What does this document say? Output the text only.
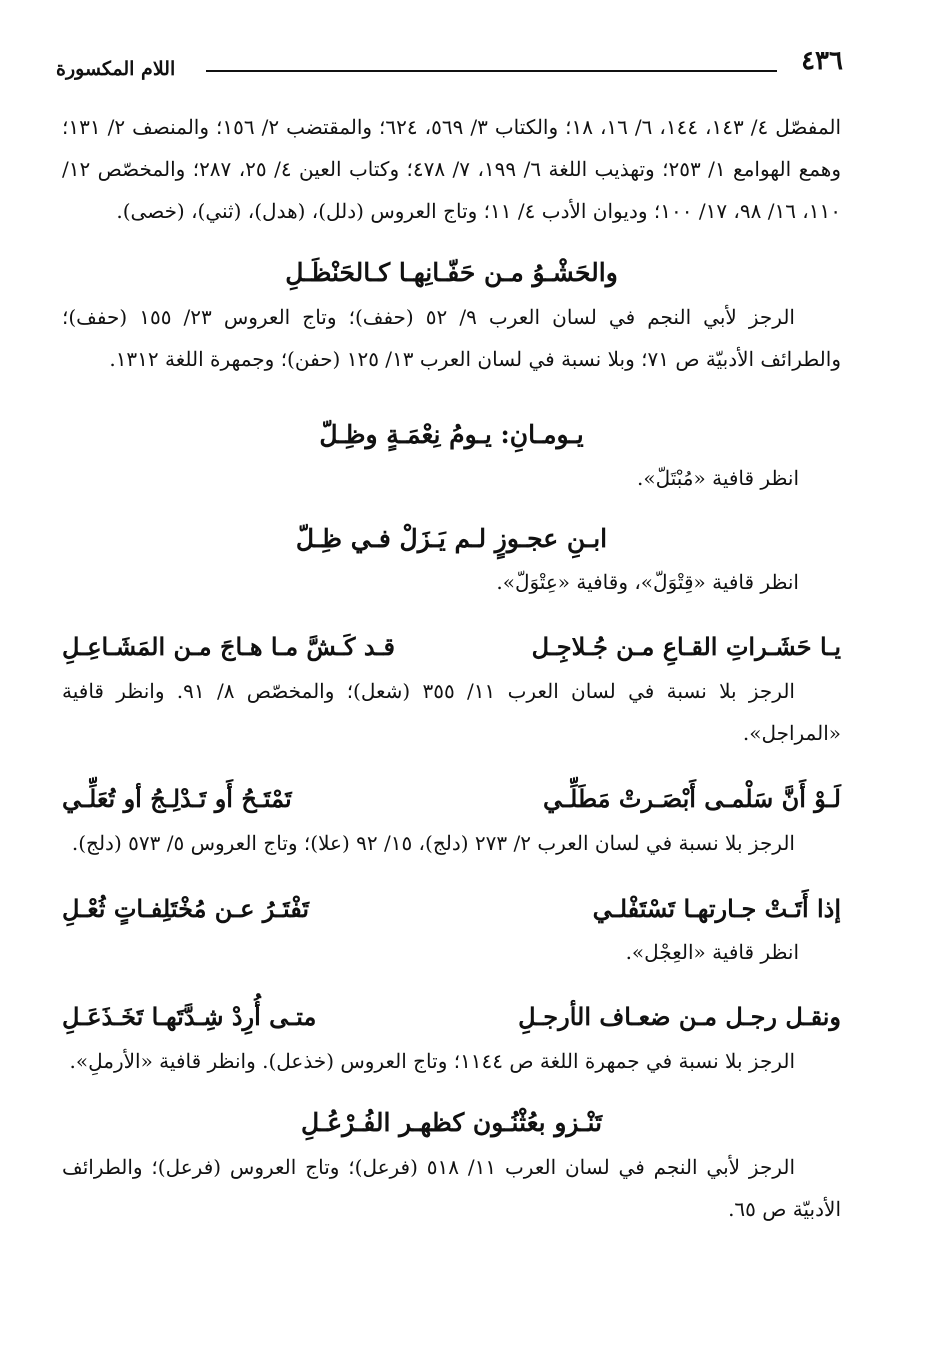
٤٣٦
اللام المكسورة

المفصّل ٤/ ١٤٣، ١٤٤، ٦/ ١٦، ١٨؛ والكتاب ٣/ ٥٦٩، ٦٢٤؛ والمقتضب ٢/ ١٥٦؛ والمنصف ٢/ ١٣١؛ وهمع الهوامع ١/ ٢٥٣؛ وتهذيب اللغة ٦/ ١٩٩، ٧/ ٤٧٨؛ وكتاب العين ٤/ ٢٥، ٢٨٧؛ والمخصّص ١٢/ ١١٠، ١٦/ ٩٨، ١٧/ ١٠٠؛ وديوان الأدب ٤/ ١١؛ وتاج العروس (دلل)، (هدل)، (ثني)، (خصى).

والحَشْـوُ مـن حَفّـانِهـا كـالحَنْظَـلِ

الرجز لأبي النجم في لسان العرب ٩/ ٥٢ (حفف)؛ وتاج العروس ٢٣/ ١٥٥ (حفف)؛ والطرائف الأدبيّة ص ٧١؛ وبلا نسبة في لسان العرب ١٣/ ١٢٥ (حفن)؛ وجمهرة اللغة ١٣١٢.

يـومـانِ: يـومُ نِعْمَـةٍ وظِـلّ

انظر قافية «مُبْتَلّ».

ابـنِ عجـوزٍ لـم يَـزَلْ فـي ظِـلّ

انظر قافية «قِتْوَلّ»، وقافية «عِتْوَلّ».

يـا حَشَـراتِ القـاعِ مـن جُـلاجِـل
قـد كَـشَّ مـا هـاجَ مـن المَشَـاعِـلِ

الرجز بلا نسبة في لسان العرب ١١/ ٣٥٥ (شعل)؛ والمخصّص ٨/ ٩١. وانظر قافية «المراجل».

لَـوْ أَنَّ سَلْمـى أَبْصَـرتْ مَطَلِّـي
تَمْتَـحُ أَو تَـدْلِـجُ أو تُعَلِّـي

الرجز بلا نسبة في لسان العرب ٢/ ٢٧٣ (دلج)، ١٥/ ٩٢ (علا)؛ وتاج العروس ٥/ ٥٧٣ (دلج).

إذا أَتَـتْ جـارتهـا تَسْتَفْلـي
تَفْتَـرُ عـن مُخْتَلِفـاتٍ ثُعْـلِ

انظر قافية «العِجْل».

ونقـل رجـل مـن ضعـاف الأرجـلِ
متـى أُرِدْ شِـدَّتَهـا تَخَـذَعَـلِ

الرجز بلا نسبة في جمهرة اللغة ص ١١٤٤؛ وتاج العروس (خذعل). وانظر قافية «الأرملِ».

تَنْـزو بعُثْنُـون كظهـر الفُـرْعُـلِ

الرجز لأبي النجم في لسان العرب ١١/ ٥١٨ (فرعل)؛ وتاج العروس (فرعل)؛ والطرائف الأدبيّة ص ٦٥.
